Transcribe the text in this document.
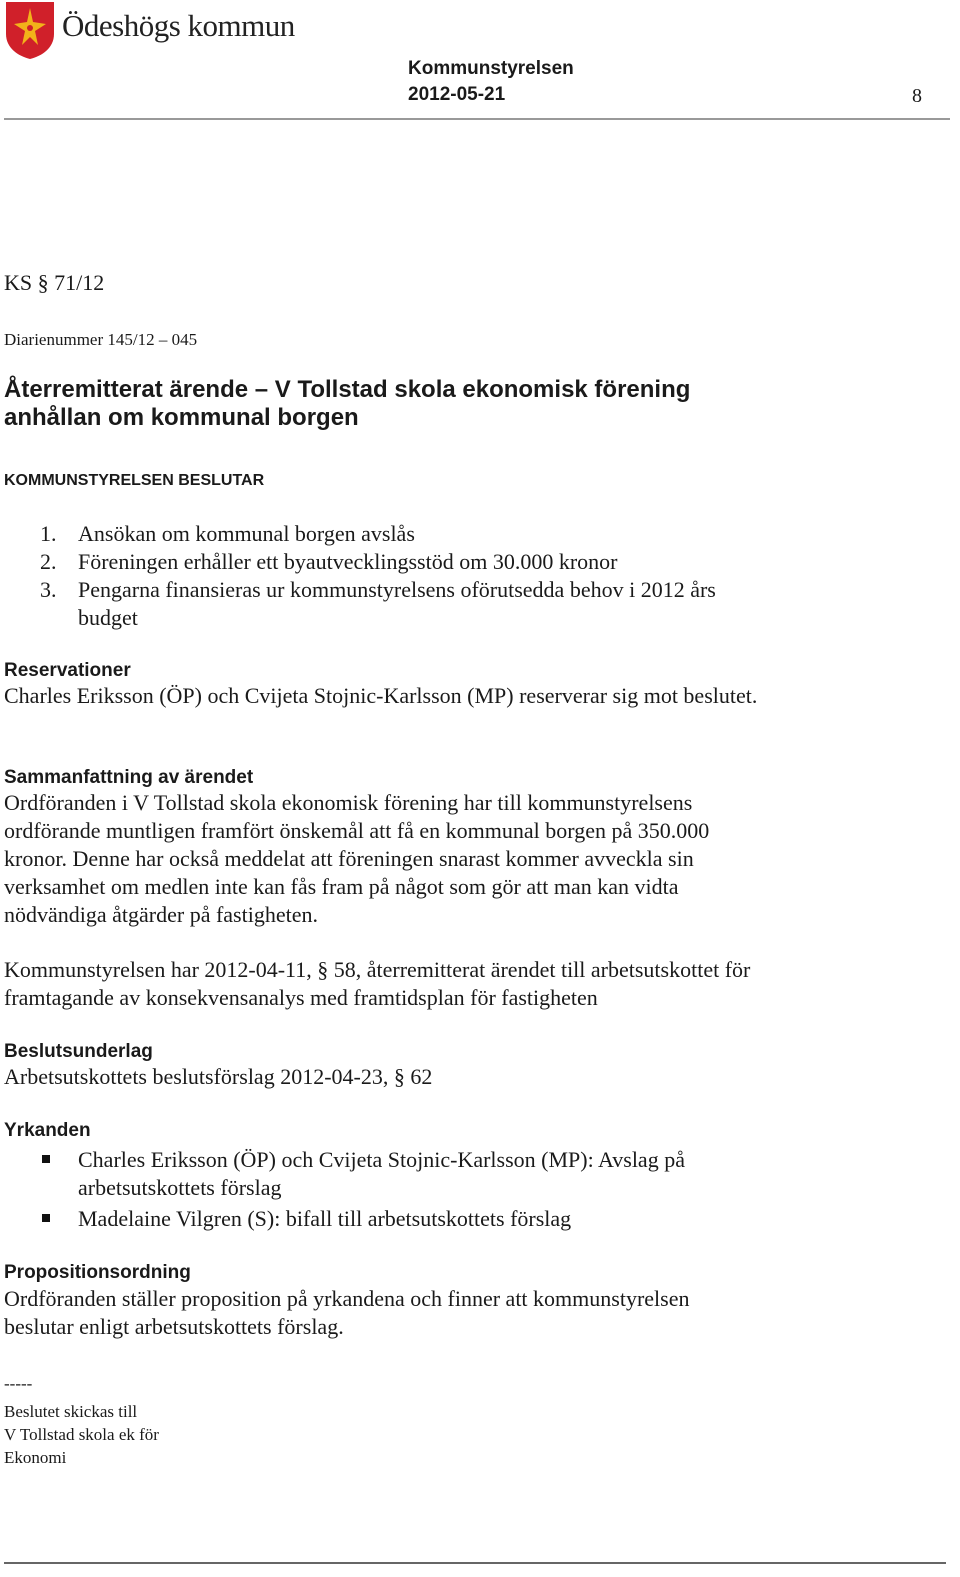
Ödeshögs kommun
Kommunstyrelsen
2012-05-21	8
KS § 71/12
Diarienummer 145/12 – 045
Återremitterat ärende – V Tollstad skola ekonomisk förening anhållan om kommunal borgen
KOMMUNSTYRELSEN BESLUTAR
1. Ansökan om kommunal borgen avslås
2. Föreningen erhåller ett byautvecklingsstöd om 30.000 kronor
3. Pengarna finansieras ur kommunstyrelsens oförutsedda behov i 2012 års budget
Reservationer
Charles Eriksson (ÖP) och Cvijeta Stojnic-Karlsson (MP) reserverar sig mot beslutet.
Sammanfattning av ärendet
Ordföranden i V Tollstad skola ekonomisk förening har till kommunstyrelsens ordförande muntligen framfört önskemål att få en kommunal borgen på 350.000 kronor. Denne har också meddelat att föreningen snarast kommer avveckla sin verksamhet om medlen inte kan fås fram på något som gör att man kan vidta nödvändiga åtgärder på fastigheten.
Kommunstyrelsen har 2012-04-11, § 58, återremitterat ärendet till arbetsutskottet för framtagande av konsekvensanalys med framtidsplan för fastigheten
Beslutsunderlag
Arbetsutskottets beslutsförslag 2012-04-23, § 62
Yrkanden
Charles Eriksson (ÖP) och Cvijeta Stojnic-Karlsson (MP): Avslag på arbetsutskottets förslag
Madelaine Vilgren (S): bifall till arbetsutskottets förslag
Propositionsordning
Ordföranden ställer proposition på yrkandena och finner att kommunstyrelsen beslutar enligt arbetsutskottets förslag.
-----
Beslutet skickas till
V Tollstad skola ek för
Ekonomi
